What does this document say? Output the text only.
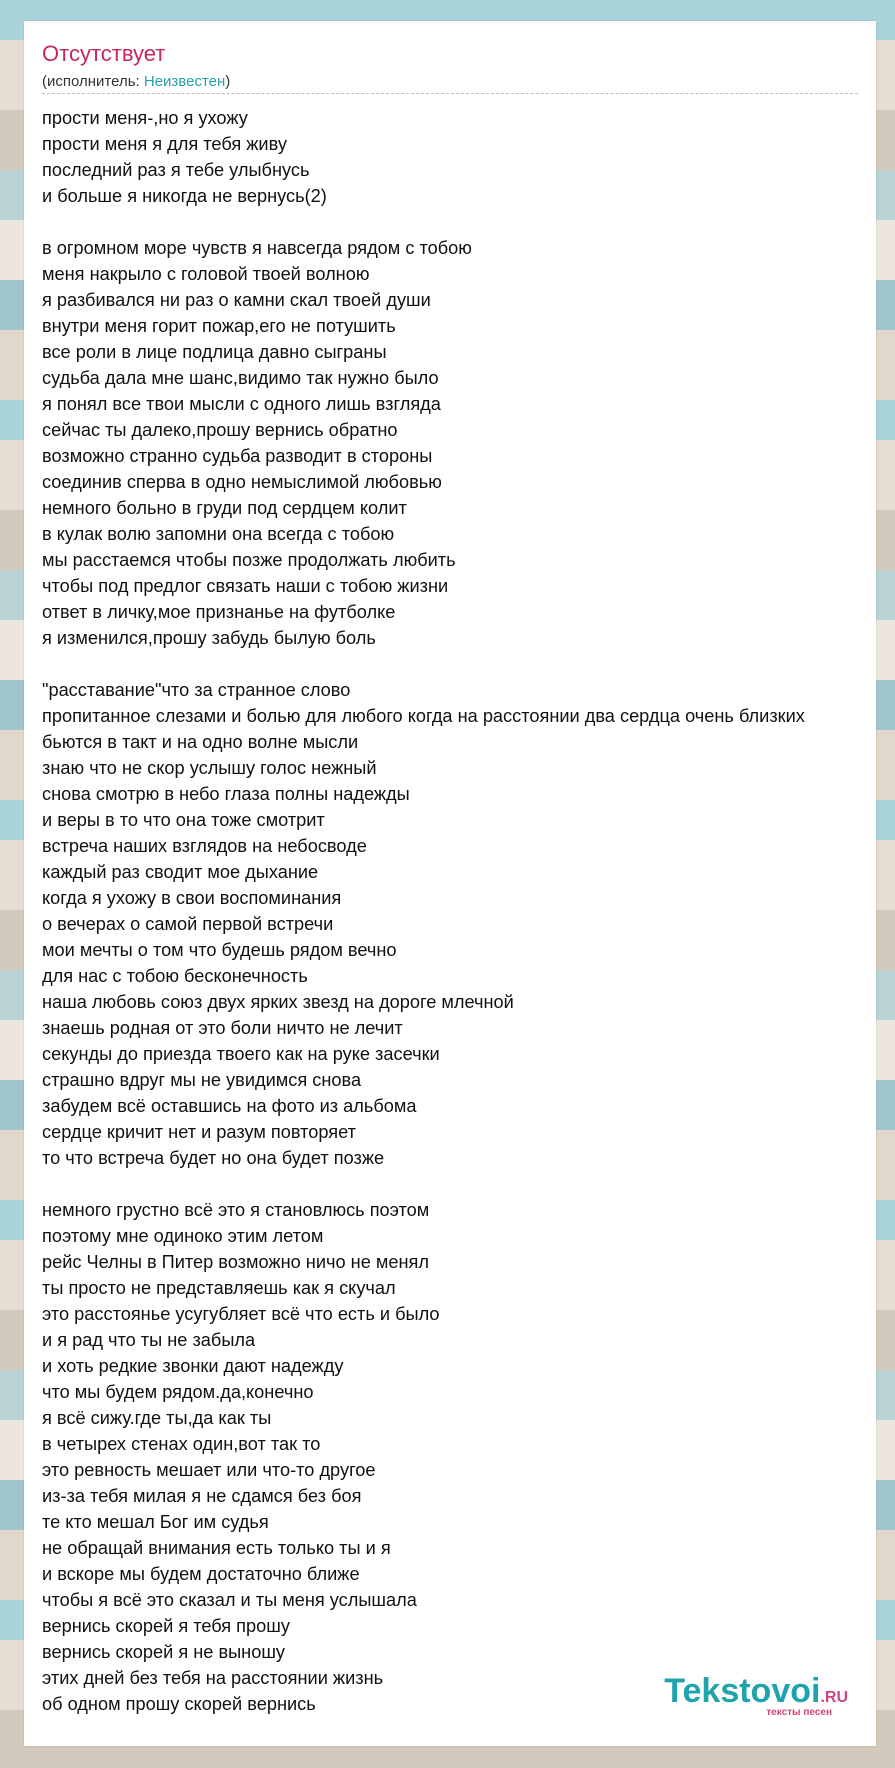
Отсутствует
(исполнитель: Неизвестен)
прости меня-,но я ухожу
прости меня я для тебя живу
последний раз я тебе улыбнусь
и больше я никогда не вернусь(2)
в огромном море чувств я навсегда рядом с тобою
меня накрыло с головой твоей волною
я разбивался ни раз о камни скал твоей души
внутри меня горит пожар,его не потушить
все роли в лице подлица давно сыграны
судьба дала мне шанс,видимо так нужно было
я понял все твои мысли с одного лишь взгляда
сейчас ты далеко,прошу вернись обратно
возможно странно судьба разводит в стороны
соединив сперва в одно немыслимой любовью
немного больно в груди под сердцем колит
в кулак волю запомни она всегда с тобою
мы расстаемся чтобы позже продолжать любить
чтобы под предлог связать наши с тобою жизни
ответ в личку,мое признанье на футболке
я изменился,прошу забудь былую боль
"расставание"что за странное слово
пропитанное слезами и болью для любого когда на расстоянии два сердца очень близких
бьются в такт и на одно волне мысли
знаю что не скор услышу голос нежный
снова смотрю в небо глаза полны надежды
и веры в то что она тоже смотрит
встреча наших взглядов на небосводе
каждый раз сводит мое дыхание
когда я ухожу в свои воспоминания
о вечерах о самой первой встречи
мои мечты о том что будешь рядом вечно
для нас с тобою бесконечность
наша любовь союз двух ярких звезд на дороге млечной
знаешь родная от это боли ничто не лечит
секунды до приезда твоего как на руке засечки
страшно вдруг мы не увидимся снова
забудем всё оставшись на фото из альбома
сердце кричит нет и разум повторяет
то что встреча будет но она будет позже
немного грустно всё это я становлюсь поэтом
поэтому мне одиноко этим летом
рейс Челны в Питер возможно ничо не менял
ты просто не представляешь как я скучал
это расстоянье усугубляет всё что есть и было
и я рад что ты не забыла
и хоть редкие звонки дают надежду
что мы будем рядом.да,конечно
я всё сижу.где ты,да как ты
в четырех стенах один,вот так то
это ревность мешает или что-то другое
из-за тебя милая я не сдамся без боя
те кто мешал Бог им судья
не обращай внимания есть только ты и я
и вскоре мы будем достаточно ближе
чтобы я всё это сказал и ты меня услышала
вернись скорей я тебя прошу
вернись скорей я не выношу
этих дней без тебя на расстоянии жизнь
об одном прошу скорей вернись	Tekstovoi.RU
тексты песен
